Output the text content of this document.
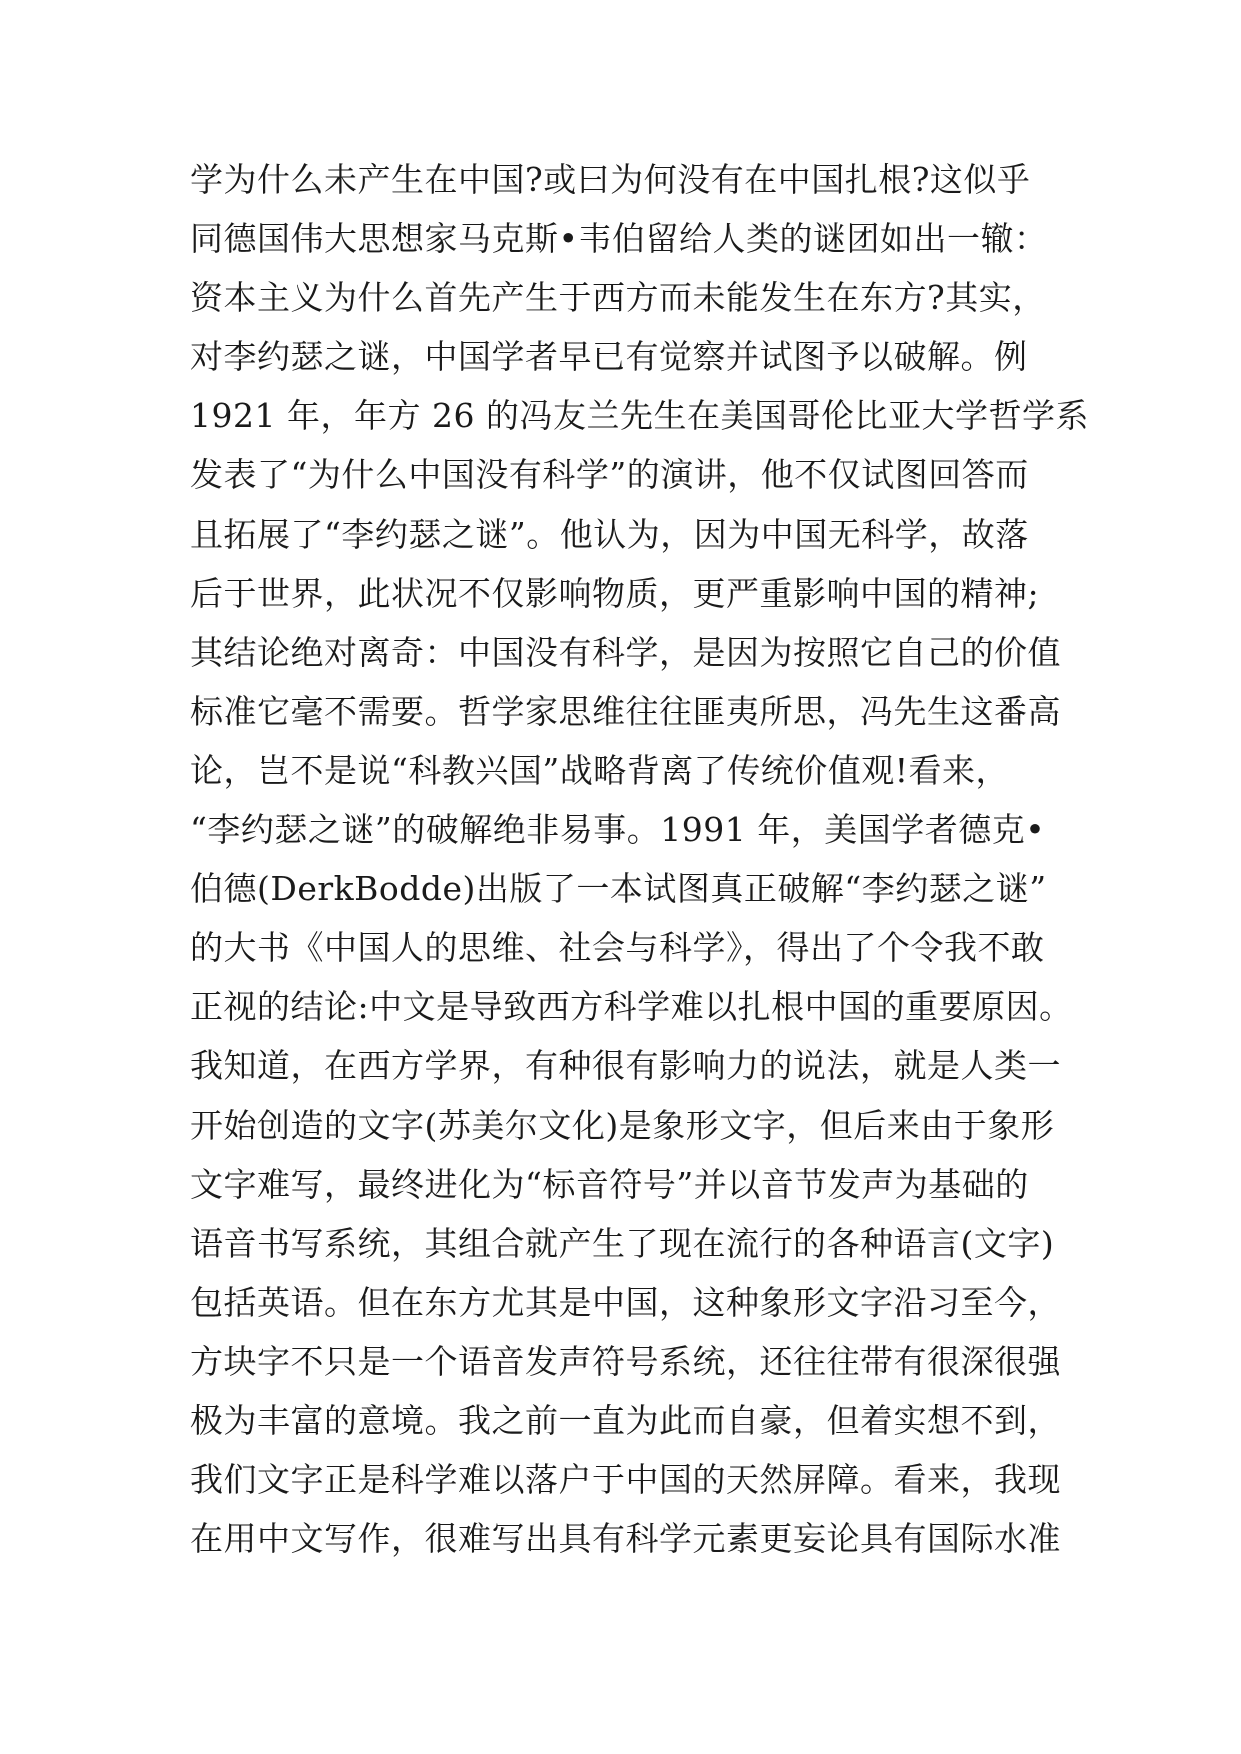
学为什么未产生在中国?或曰为何没有在中国扎根?这似乎
同德国伟大思想家马克斯•韦伯留给人类的谜团如出一辙：
资本主义为什么首先产生于西方而未能发生在东方?其实，
对李约瑟之谜，中国学者早已有觉察并试图予以破解。例
1921 年，年方 26 的冯友兰先生在美国哥伦比亚大学哲学系
发表了“为什么中国没有科学”的演讲，他不仅试图回答而
且拓展了“李约瑟之谜”。他认为，因为中国无科学，故落
后于世界，此状况不仅影响物质，更严重影响中国的精神;
其结论绝对离奇：中国没有科学，是因为按照它自己的价值
标准它毫不需要。哲学家思维往往匪夷所思，冯先生这番高
论，岂不是说“科教兴国”战略背离了传统价值观!看来，
“李约瑟之谜”的破解绝非易事。1991 年，美国学者德克•
伯德(DerkBodde)出版了一本试图真正破解“李约瑟之谜”
的大书《中国人的思维、社会与科学》，得出了个令我不敢
正视的结论:中文是导致西方科学难以扎根中国的重要原因。
我知道，在西方学界，有种很有影响力的说法，就是人类一
开始创造的文字(苏美尔文化)是象形文字，但后来由于象形
文字难写，最终进化为“标音符号”并以音节发声为基础的
语音书写系统，其组合就产生了现在流行的各种语言(文字)
包括英语。但在东方尤其是中国，这种象形文字沿习至今，
方块字不只是一个语音发声符号系统，还往往带有很深很强
极为丰富的意境。我之前一直为此而自豪，但着实想不到，
我们文字正是科学难以落户于中国的天然屏障。看来，我现
在用中文写作，很难写出具有科学元素更妄论具有国际水准
